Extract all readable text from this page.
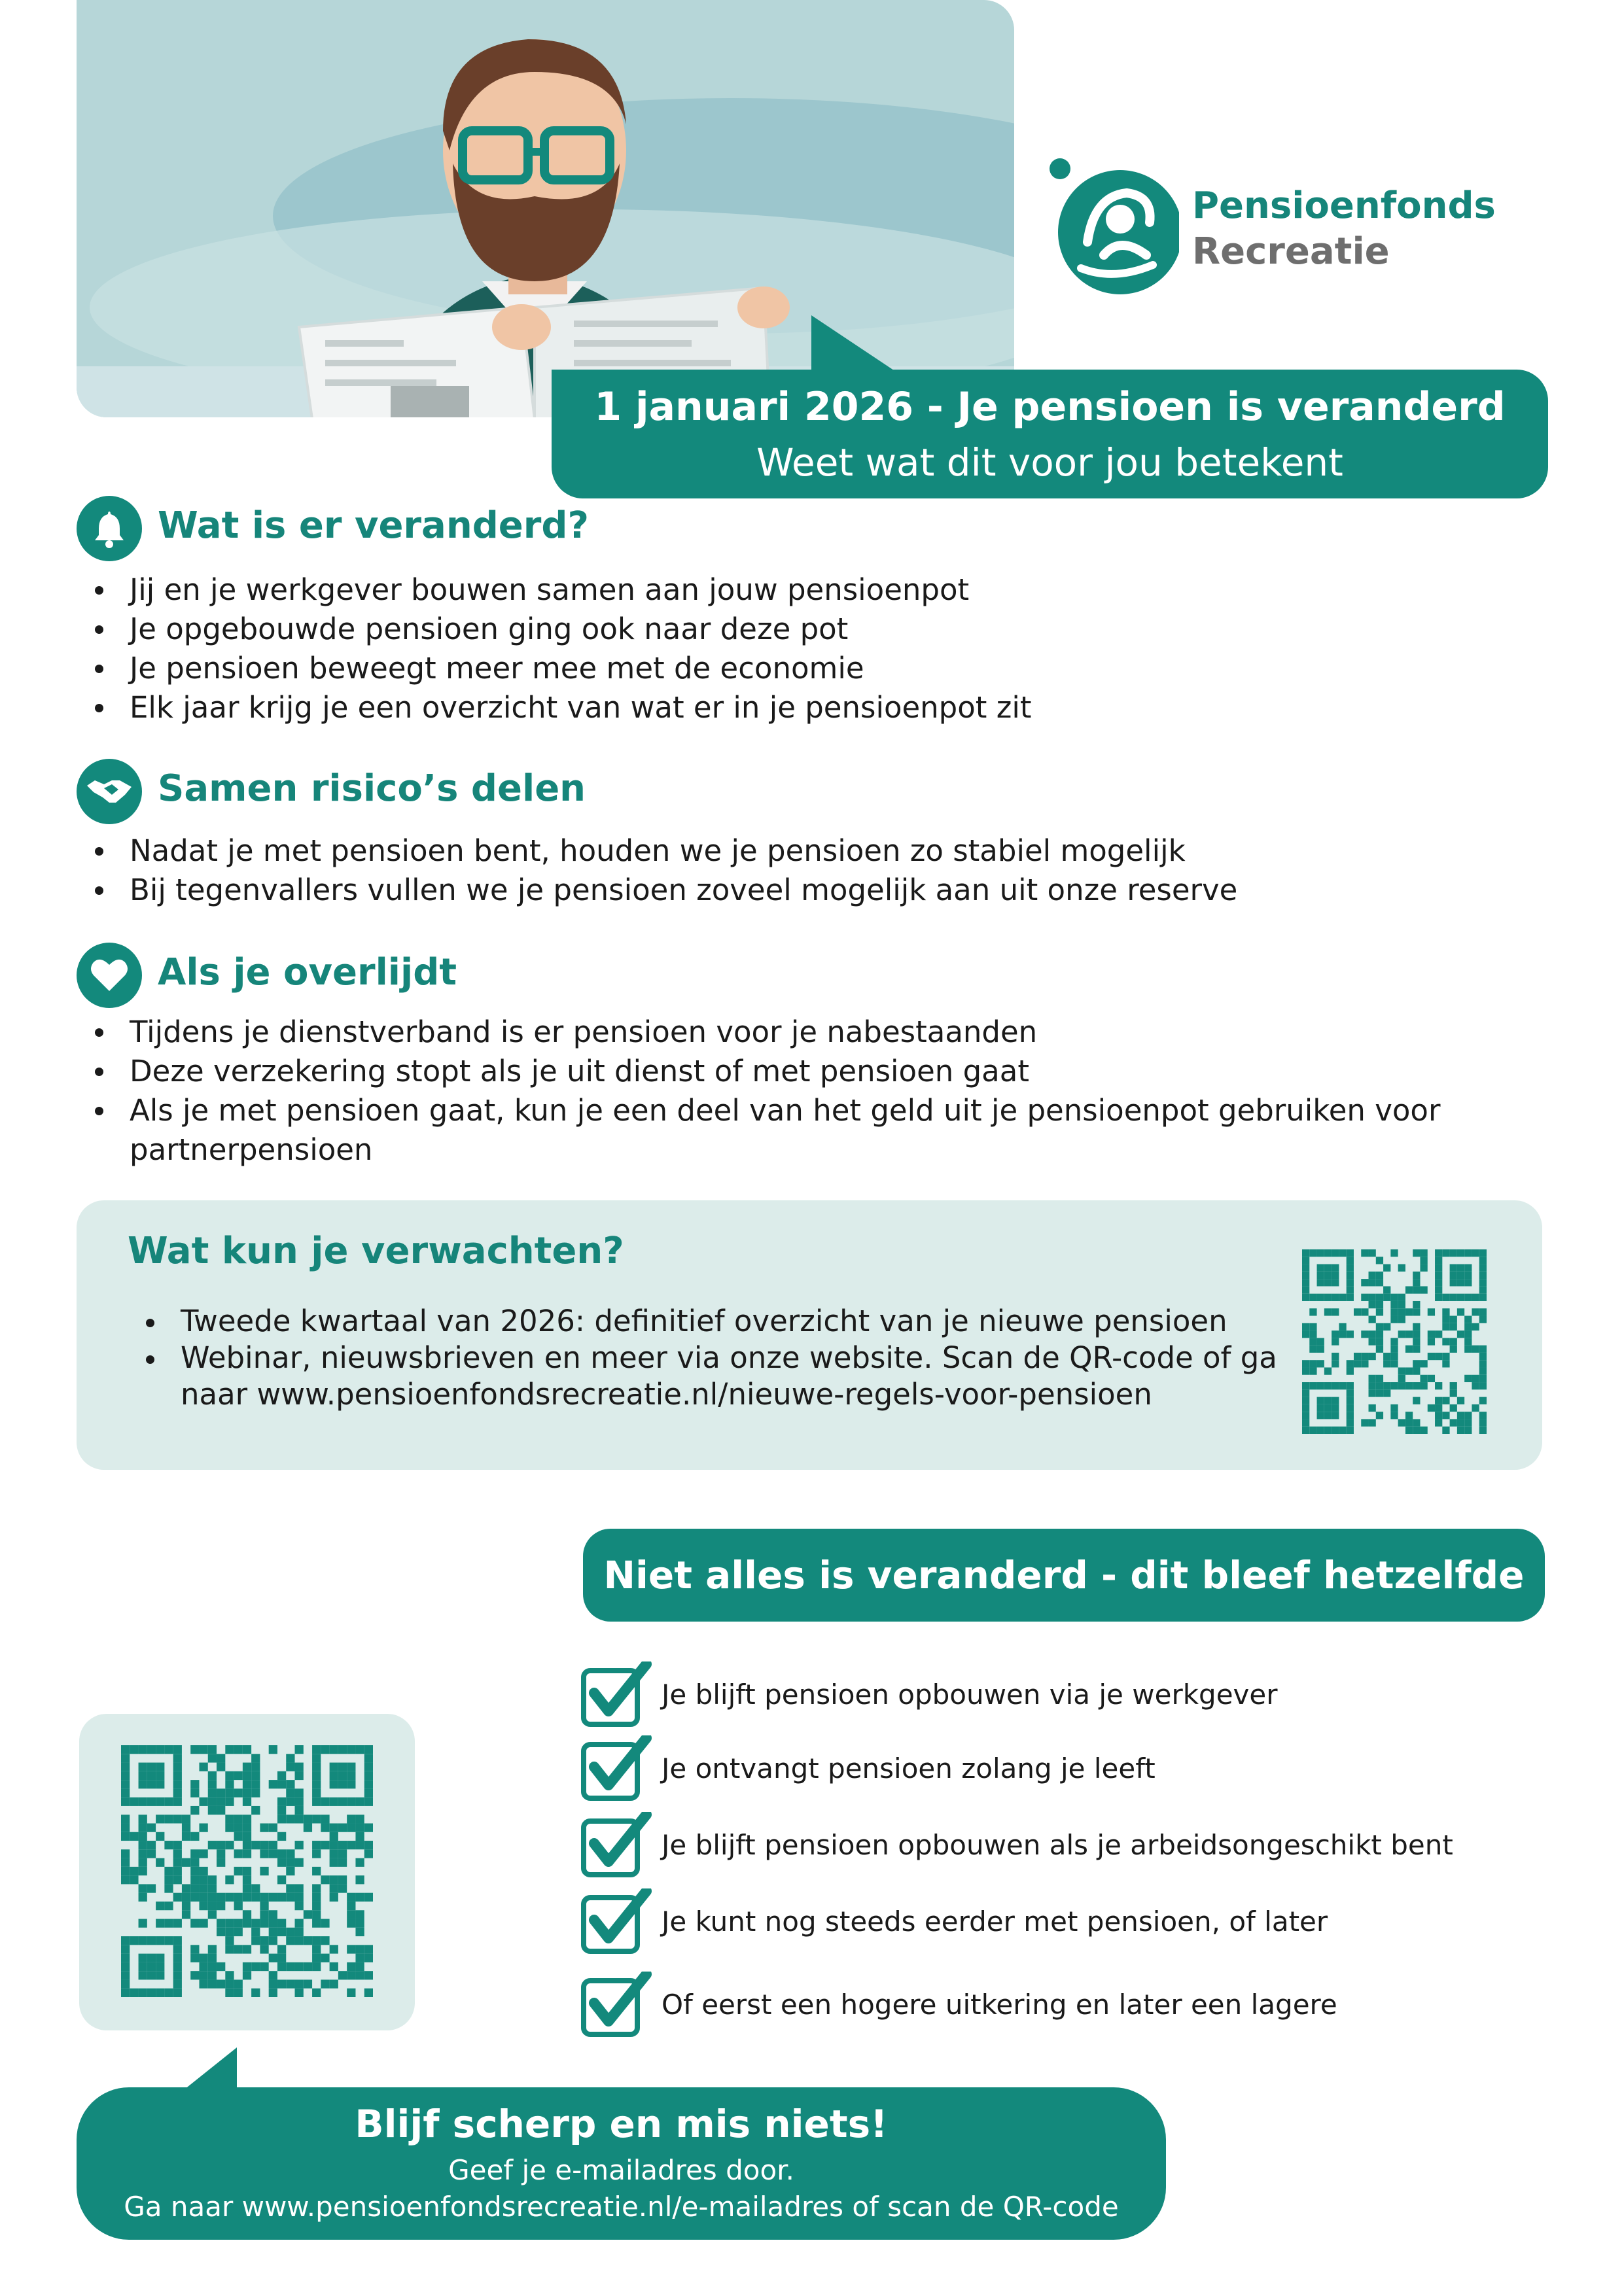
Pensioenfonds
Recreatie
1 januari 2026 - Je pensioen is veranderd
Weet wat dit voor jou betekent
Wat is er veranderd?
Jij en je werkgever bouwen samen aan jouw pensioenpot
Je opgebouwde pensioen ging ook naar deze pot
Je pensioen beweegt meer mee met de economie
Elk jaar krijg je een overzicht van wat er in je pensioenpot zit
Samen risico’s delen
Nadat je met pensioen bent, houden we je pensioen zo stabiel mogelijk
Bij tegenvallers vullen we je pensioen zoveel mogelijk aan uit onze reserve
Als je overlijdt
Tijdens je dienstverband is er pensioen voor je nabestaanden
Deze verzekering stopt als je uit dienst of met pensioen gaat
Als je met pensioen gaat, kun je een deel van het geld uit je pensioenpot gebruiken voor partnerpensioen
Wat kun je verwachten?
Tweede kwartaal van 2026: definitief overzicht van je nieuwe pensioen
Webinar, nieuwsbrieven en meer via onze website. Scan de QR-code of ga naar www.pensioenfondsrecreatie.nl/nieuwe-regels-voor-pensioen
Niet alles is veranderd - dit bleef hetzelfde
Je blijft pensioen opbouwen via je werkgever
Je ontvangt pensioen zolang je leeft
Je blijft pensioen opbouwen als je arbeidsongeschikt bent
Je kunt nog steeds eerder met pensioen, of later
Of eerst een hogere uitkering en later een lagere
Blijf scherp en mis niets!
Geef je e-mailadres door.
Ga naar www.pensioenfondsrecreatie.nl/e-mailadres of scan de QR-code
